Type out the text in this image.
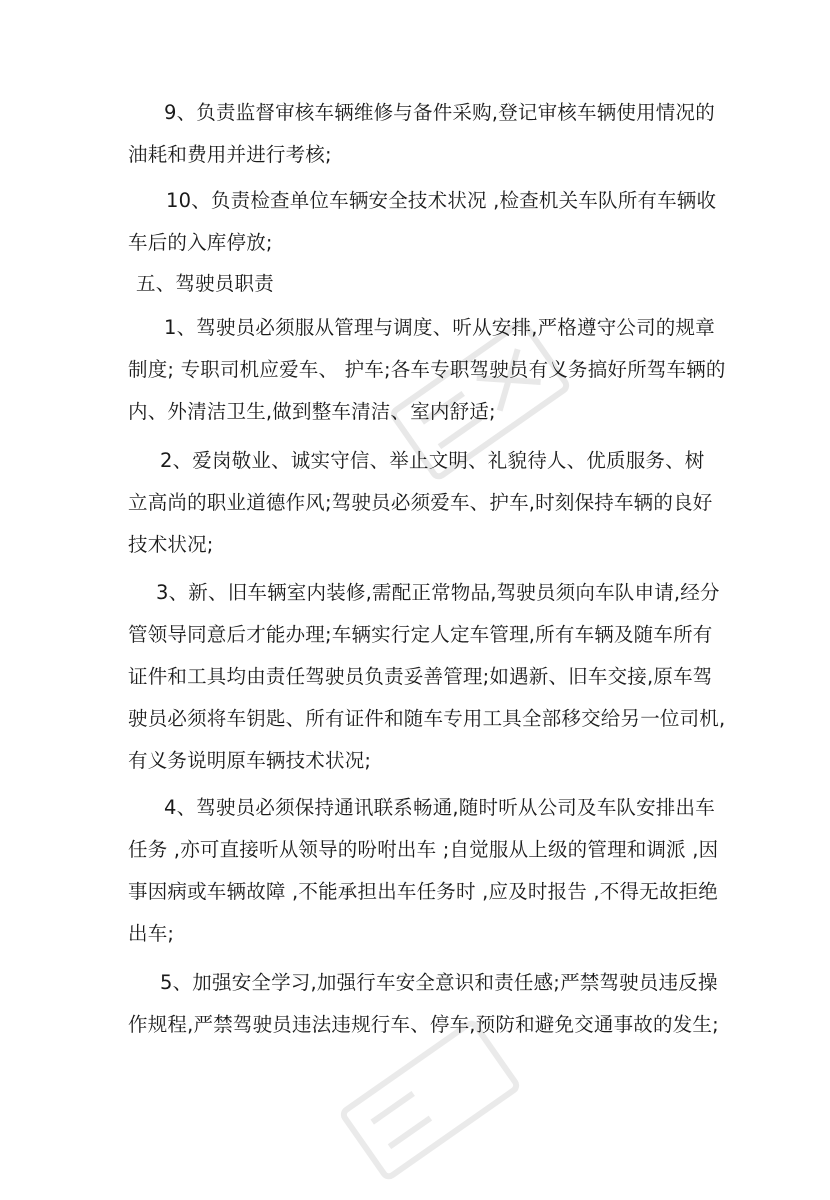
9、负责监督审核车辆维修与备件采购,登记审核车辆使用情况的
油耗和费用并进行考核;
10、负责检查单位车辆安全技术状况 ,检查机关车队所有车辆收
车后的入库停放;
五、驾驶员职责
1、驾驶员必须服从管理与调度、听从安排,严格遵守公司的规章
制度; 专职司机应爱车、 护车;各车专职驾驶员有义务搞好所驾车辆的
内、外清洁卫生,做到整车清洁、室内舒适;
2、爱岗敬业、诚实守信、举止文明、礼貌待人、优质服务、树
立高尚的职业道德作风;驾驶员必须爱车、护车,时刻保持车辆的良好
技术状况;
3、新、旧车辆室内装修,需配正常物品,驾驶员须向车队申请,经分
管领导同意后才能办理;车辆实行定人定车管理,所有车辆及随车所有
证件和工具均由责任驾驶员负责妥善管理;如遇新、旧车交接,原车驾
驶员必须将车钥匙、所有证件和随车专用工具全部移交给另一位司机,
有义务说明原车辆技术状况;
4、驾驶员必须保持通讯联系畅通,随时听从公司及车队安排出车
任务 ,亦可直接听从领导的吩咐出车 ;自觉服从上级的管理和调派 ,因
事因病或车辆故障 ,不能承担出车任务时 ,应及时报告 ,不得无故拒绝
出车;
5、加强安全学习,加强行车安全意识和责任感;严禁驾驶员违反操
作规程,严禁驾驶员违法违规行车、停车,预防和避免交通事故的发生;
